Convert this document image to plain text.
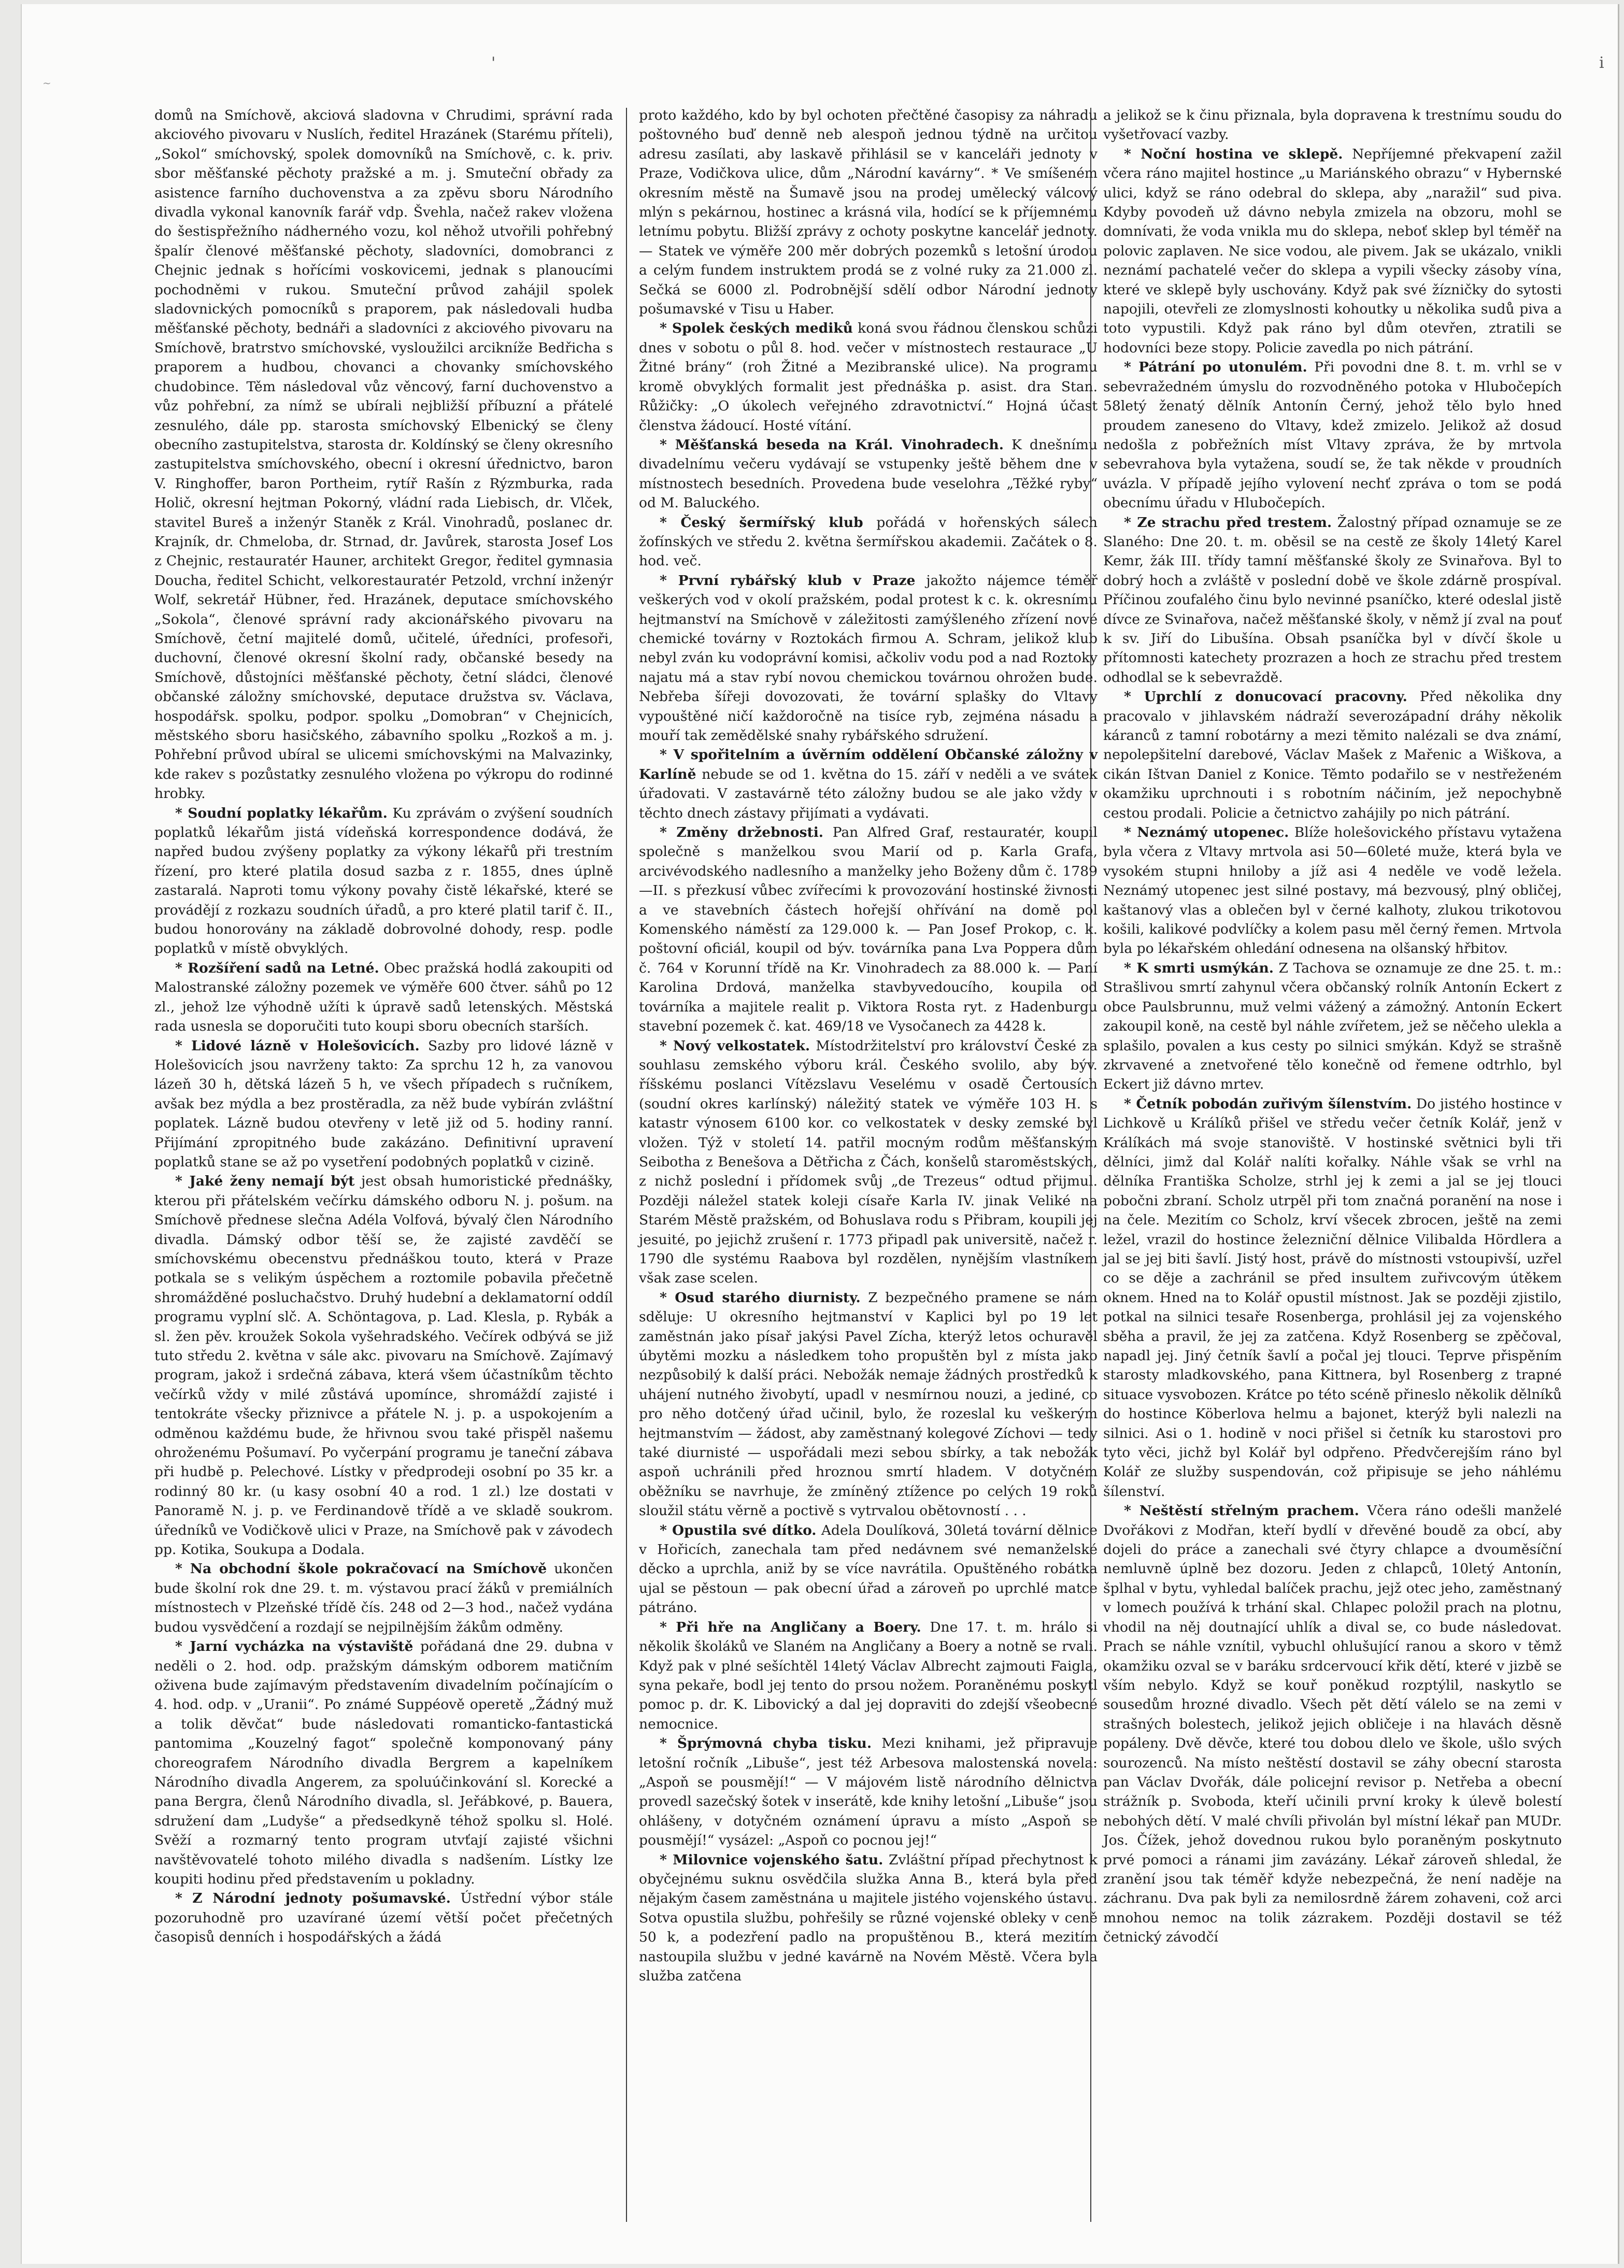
'	i
~

domů na Smíchově, akciová sladovna v Chrudimi, správní rada akciového pivovaru v Nuslích, ředitel Hrazánek (Starému příteli), „Sokol“ smíchovský, spolek domovníků na Smíchově, c. k. priv. sbor měšťanské pěchoty pražské a m. j. Smuteční obřady za asistence farního duchovenstva a za zpěvu sboru Národního divadla vykonal kanovník farář vdp. Švehla, načež rakev vložena do šestispřežního nádherného vozu, kol něhož utvořili pohřebný špalír členové měšťanské pěchoty, sladovníci, domobranci z Chejnic jednak s hořícími voskovicemi, jednak s planoucími pochodněmi v rukou. Smuteční průvod zahájil spolek sladovnických pomocníků s praporem, pak následovali hudba měšťanské pěchoty, bednáři a sladovníci z akciového pivovaru na Smíchově, bratrstvo smíchovské, vysloužilci arcikníže Bedřicha s praporem a hudbou, chovanci a chovanky smíchovského chudobince. Těm následoval vůz věncový, farní duchovenstvo a vůz pohřební, za nímž se ubírali nejbližší příbuzní a přátelé zesnulého, dále pp. starosta smíchovský Elbenický se členy obecního zastupitelstva, starosta dr. Koldínský se členy okresního zastupitelstva smíchovského, obecní i okresní úřednictvo, baron V. Ringhoffer, baron Portheim, rytíř Rašín z Rýzmburka, rada Holič, okresní hejtman Pokorný, vládní rada Liebisch, dr. Vlček, stavitel Bureš a inženýr Staněk z Král. Vinohradů, poslanec dr. Krajník, dr. Chmeloba, dr. Strnad, dr. Javůrek, starosta Josef Los z Chejnic, restauratér Hauner, architekt Gregor, ředitel gymnasia Doucha, ředitel Schicht, velkorestauratér Petzold, vrchní inženýr Wolf, sekretář Hübner, řed. Hrazánek, deputace smíchovského „Sokola“, členové správní rady akcionářského pivovaru na Smíchově, četní majitelé domů, učitelé, úředníci, profesoři, duchovní, členové okresní školní rady, občanské besedy na Smíchově, důstojníci měšťanské pěchoty, četní sládci, členové občanské záložny smíchovské, deputace družstva sv. Václava, hospodářsk. spolku, podpor. spolku „Domobran“ v Chejnicích, městského sboru hasičského, zábavního spolku „Rozkoš a m. j. Pohřební průvod ubíral se ulicemi smíchovskými na Malvazinky, kde rakev s pozůstatky zesnulého vložena po výkropu do rodinné hrobky.

* Soudní poplatky lékařům. Ku zprávám o zvýšení soudních poplatků lékařům jistá vídeňská korrespondence dodává, že napřed budou zvýšeny poplatky za výkony lékařů při trestním řízení, pro které platila dosud sazba z r. 1855, dnes úplně zastaralá. Naproti tomu výkony povahy čistě lékařské, které se provádějí z rozkazu soudních úřadů, a pro které platil tarif č. II., budou honorovány na základě dobrovolné dohody, resp. podle poplatků v místě obvyklých.

* Rozšíření sadů na Letné. Obec pražská hodlá zakoupiti od Malostranské záložny pozemek ve výměře 600 čtver. sáhů po 12 zl., jehož lze výhodně užíti k úpravě sadů letenských. Městská rada usnesla se doporučiti tuto koupi sboru obecních starších.

* Lidové lázně v Holešovicích. Sazby pro lidové lázně v Holešovicích jsou navrženy takto: Za sprchu 12 h, za vanovou lázeň 30 h, dětská lázeň 5 h, ve všech případech s ručníkem, avšak bez mýdla a bez prostěradla, za něž bude vybírán zvláštní poplatek. Lázně budou otevřeny v letě již od 5. hodiny ranní. Přijímání zpropitného bude zakázáno. Definitivní upravení poplatků stane se až po vysetření podobných poplatků v cizině.

* Jaké ženy nemají být jest obsah humoristické přednášky, kterou při přátelském večírku dámského odboru N. j. pošum. na Smíchově přednese slečna Adéla Volfová, bývalý člen Národního divadla. Dámský odbor těší se, že zajisté zavděčí se smíchovskému obecenstvu přednáškou touto, která v Praze potkala se s velikým úspěchem a roztomile pobavila přečetně shromážděné posluchačstvo. Druhý hudební a deklamatorní oddíl programu vyplní slč. A. Schöntagova, p. Lad. Klesla, p. Rybák a sl. žen pěv. kroužek Sokola vyšehradského. Večírek odbývá se již tuto středu 2. května v sále akc. pivovaru na Smíchově. Zajímavý program, jakož i srdečná zábava, která všem účastníkům těchto večírků vždy v milé zůstává upomínce, shromáždí zajisté i tentokráte všecky přiznivce a přátele N. j. p. a uspokojením a odměnou každému bude, že hřivnou svou také přispěl našemu ohroženému Pošumaví. Po vyčerpání programu je taneční zábava při hudbě p. Pelechové. Lístky v předprodeji osobní po 35 kr. a rodinný 80 kr. (u kasy osobní 40 a rod. 1 zl.) lze dostati v Panoramě N. j. p. ve Ferdinandově třídě a ve skladě soukrom. úředníků ve Vodičkově ulici v Praze, na Smíchově pak v závodech pp. Kotika, Soukupa a Dodala.

* Na obchodní škole pokračovací na Smíchově ukončen bude školní rok dne 29. t. m. výstavou prací žáků v premiálních místnostech v Plzeňské třídě čís. 248 od 2—3 hod., načež vydána budou vysvědčení a rozdají se nejpilnějším žákům odměny.

* Jarní vycházka na výstaviště pořádaná dne 29. dubna v neděli o 2. hod. odp. pražským dámským odborem matičním oživena bude zajímavým představením divadelním počínajícím o 4. hod. odp. v „Uranii“. Po známé Suppéově operetě „Žádný muž a tolik děvčat“ bude následovati romanticko-fantastická pantomima „Kouzelný fagot“ společně komponovaný pány choreografem Národního divadla Bergrem a kapelníkem Národního divadla Angerem, za spoluúčinkování sl. Korecké a pana Bergra, členů Národního divadla, sl. Jeřábkové, p. Bauera, sdružení dam „Ludyše“ a předsedkyně téhož spolku sl. Holé. Svěží a rozmarný tento program utvťají zajisté všichni navštěvovatelé tohoto milého divadla s nadšením. Lístky lze koupiti hodinu před představením u pokladny.

* Z Národní jednoty pošumavské. Ústřední výbor stále pozoruhodně pro uzavírané území větší počet přečetných časopisů denních i hospodářských a žádá

proto každého, kdo by byl ochoten přečtěné časopisy za náhradu poštovného buď denně neb alespoň jednou týdně na určitou adresu zasílati, aby laskavě přihlásil se v kanceláři jednoty v Praze, Vodičkova ulice, dům „Národní kavárny“. * Ve smíšeném okresním městě na Šumavě jsou na prodej umělecký válcový mlýn s pekárnou, hostinec a krásná vila, hodící se k příjemnému letnímu pobytu. Bližší zprávy z ochoty poskytne kancelář jednoty. — Statek ve výměře 200 měr dobrých pozemků s letošní úrodou a celým fundem instruktem prodá se z volné ruky za 21.000 zl. Sečká se 6000 zl. Podrobnější sdělí odbor Národní jednoty pošumavské v Tisu u Haber.

* Spolek českých mediků koná svou řádnou členskou schůzi dnes v sobotu o půl 8. hod. večer v místnostech restaurace „U Žitné brány“ (roh Žitné a Mezibranské ulice). Na programu kromě obvyklých formalit jest přednáška p. asist. dra Stan. Růžičky: „O úkolech veřejného zdravotnictví.“ Hojná účast členstva žádoucí. Hosté vítání.

* Měšťanská beseda na Král. Vinohradech. K dnešnímu divadelnímu večeru vydávají se vstupenky ještě během dne v místnostech besedních. Provedena bude veselohra „Těžké ryby“ od M. Baluckého.

* Český šermířský klub pořádá v hořenských sálech žofínských ve středu 2. května šermířskou akademii. Začátek o 8. hod. več.

* První rybářský klub v Praze jakožto nájemce téměř veškerých vod v okolí pražském, podal protest k c. k. okresnímu hejtmanství na Smíchově v záležitosti zamýšleného zřízení nové chemické továrny v Roztokách firmou A. Schram, jelikož klub nebyl zván ku vodoprávní komisi, ačkoliv vodu pod a nad Roztoky najatu má a stav rybí novou chemickou továrnou ohrožen bude. Nebřeba šířeji dovozovati, že tovární splašky do Vltavy vypouštěné ničí každoročně na tisíce ryb, zejména násadu a mouří tak zemědělské snahy rybářského sdružení.

* V spořitelním a úvěrním oddělení Občanské záložny v Karlíně nebude se od 1. května do 15. září v neděli a ve svátek úřadovati. V zastavárně této záložny budou se ale jako vždy v těchto dnech zástavy přijímati a vydávati.

* Změny držebnosti. Pan Alfred Graf, restauratér, koupil společně s manželkou svou Marií od p. Karla Grafa, arcivévodského nadlesního a manželky jeho Boženy dům č. 1789—II. s přezkusí vůbec zvířecími k provozování hostinské živnosti a ve stavebních částech hořejší ohřívání na domě pol Komenského náměstí za 129.000 k. — Pan Josef Prokop, c. k. poštovní oficiál, koupil od býv. továrníka pana Lva Poppera dům č. 764 v Korunní třídě na Kr. Vinohradech za 88.000 k. — Paní Karolina Drdová, manželka stavbyvedoucího, koupila od továrníka a majitele realit p. Viktora Rosta ryt. z Hadenburgu stavební pozemek č. kat. 469/18 ve Vysočanech za 4428 k.

* Nový velkostatek. Místodržitelství pro království České za souhlasu zemského výboru král. Českého svolilo, aby býv. říšskému poslanci Vítězslavu Veselému v osadě Čertousích (soudní okres karlínský) náležitý statek ve výměře 103 H. s katastr výnosem 6100 kor. co velkostatek v desky zemské byl vložen. Týž v století 14. patřil mocným rodům měšťanským Seibotha z Benešova a Dětřicha z Čách, konšelů staroměstských, z nichž poslední i přídomek svůj „de Trezeus“ odtud přijmul. Později náležel statek koleji císaře Karla IV. jinak Veliké na Starém Městě pražském, od Bohuslava rodu s Přibram, koupili jej jesuité, po jejichž zrušení r. 1773 připadl pak universitě, načež r. 1790 dle systému Raabova byl rozdělen, nynějším vlastníkem však zase scelen.

* Osud starého diurnisty. Z bezpečného pramene se nám sděluje: U okresního hejtmanství v Kaplici byl po 19 let zaměstnán jako písař jakýsi Pavel Zícha, kterýž letos ochuravěl úbytěmi mozku a následkem toho propuštěn byl z místa jako nezpůsobilý k další práci. Nebožák nemaje žádných prostředků k uhájení nutného živobytí, upadl v nesmírnou nouzi, a jediné, co pro něho dotčený úřad učinil, bylo, že rozeslal ku veškerým hejtmanstvím — žádost, aby zaměstnaný kolegové Zíchovi — tedy také diurnisté — uspořádali mezi sebou sbírky, a tak nebožák aspoň uchránili před hroznou smrtí hladem. V dotyčném oběžníku se navrhuje, že zmíněný ztížence po celých 19 roků sloužil státu věrně a poctivě s vytrvalou obětovností . . .

* Opustila své dítko. Adela Doulíková, 30letá tovární dělnice v Hořicích, zanechala tam před nedávnem své nemanželské děcko a uprchla, aniž by se více navrátila. Opuštěného robátka ujal se pěstoun — pak obecní úřad a zároveň po uprchlé matce pátráno.

* Při hře na Angličany a Boery. Dne 17. t. m. hrálo si několik školáků ve Slaném na Angličany a Boery a notně se rvali. Když pak v plné sešíchtěl 14letý Václav Albrecht zajmouti Faigla, syna pekaře, bodl jej tento do prsou nožem. Poraněnému poskytl pomoc p. dr. K. Libovický a dal jej dopraviti do zdejší všeobecné nemocnice.

* Šprýmovná chyba tisku. Mezi knihami, jež připravuje letošní ročník „Libuše“, jest též Arbesova malostenská novela: „Aspoň se pousmějí!“ — V májovém listě národního dělnictva provedl sazečský šotek v inserátě, kde knihy letošní „Libuše“ jsou ohlášeny, v dotyčném oznámení úpravu a místo „Aspoň se pousmějí!“ vysázel: „Aspoň co pocnou jej!“

* Milovnice vojenského šatu. Zvláštní případ přechytnost k obyčejnému suknu osvědčila služka Anna B., která byla před nějakým časem zaměstnána u majitele jistého vojenského ústavu. Sotva opustila službu, pohřešily se různé vojenské obleky v ceně 50 k, a podezření padlo na propuštěnou B., která mezitím nastoupila službu v jedné kavárně na Novém Městě. Včera byla služba zatčena

a jelikož se k činu přiznala, byla dopravena k trestnímu soudu do vyšetřovací vazby.

* Noční hostina ve sklepě. Nepříjemné překvapení zažil včera ráno majitel hostince „u Mariánského obrazu“ v Hybernské ulici, když se ráno odebral do sklepa, aby „naražil“ sud piva. Kdyby povodeň už dávno nebyla zmizela na obzoru, mohl se domnívati, že voda vnikla mu do sklepa, neboť sklep byl téměř na polovic zaplaven. Ne sice vodou, ale pivem. Jak se ukázalo, vnikli neznámí pachatelé večer do sklepa a vypili všecky zásoby vína, které ve sklepě byly uschovány. Když pak své žízničky do sytosti napojili, otevřeli ze zlomyslnosti kohoutky u několika sudů piva a toto vypustili. Když pak ráno byl dům otevřen, ztratili se hodovníci beze stopy. Policie zavedla po nich pátrání.

* Pátrání po utonulém. Při povodni dne 8. t. m. vrhl se v sebevražedném úmyslu do rozvodněného potoka v Hlubočepích 58letý ženatý dělník Antonín Černý, jehož tělo bylo hned proudem zaneseno do Vltavy, kdež zmizelo. Jelikož až dosud nedošla z pobřežních míst Vltavy zpráva, že by mrtvola sebevrahova byla vytažena, soudí se, že tak někde v proudních uvázla. V případě jejího vylovení nechť zpráva o tom se podá obecnímu úřadu v Hlubočepích.

* Ze strachu před trestem. Žalostný případ oznamuje se ze Slaného: Dne 20. t. m. oběsil se na cestě ze školy 14letý Karel Kemr, žák III. třídy tamní měšťanské školy ze Svinařova. Byl to dobrý hoch a zvláště v poslední době ve škole zdárně prospíval. Příčinou zoufalého činu bylo nevinné psaníčko, které odeslal jistě dívce ze Svinařova, načež měšťanské školy, v němž jí zval na pouť k sv. Jiří do Libušína. Obsah psaníčka byl v dívčí škole u přítomnosti katechety prozrazen a hoch ze strachu před trestem odhodlal se k sebevraždě.

* Uprchlí z donucovací pracovny. Před několika dny pracovalo v jihlavském nádraží severozápadní dráhy několik káranců z tamní robotárny a mezi těmito nalézali se dva známí, nepolepšitelní darebové, Václav Mašek z Mařenic a Wiškova, a cikán Ištvan Daniel z Konice. Těmto podařilo se v nestřeženém okamžiku uprchnouti i s robotním náčiním, jež nepochybně cestou prodali. Policie a četnictvo zahájily po nich pátrání.

* Neznámý utopenec. Blíže holešovického přístavu vytažena byla včera z Vltavy mrtvola asi 50—60leté muže, která byla ve vysokém stupni hniloby a jíž asi 4 neděle ve vodě ležela. Neznámý utopenec jest silné postavy, má bezvousý, plný obličej, kaštanový vlas a oblečen byl v černé kalhoty, zlukou trikotovou košili, kalikové podvlíčky a kolem pasu měl černý řemen. Mrtvola byla po lékařském ohledání odnesena na olšanský hřbitov.

* K smrti usmýkán. Z Tachova se oznamuje ze dne 25. t. m.: Strašlivou smrtí zahynul včera občanský rolník Antonín Eckert z obce Paulsbrunnu, muž velmi vážený a zámožný. Antonín Eckert zakoupil koně, na cestě byl náhle zvířetem, jež se něčeho ulekla a splašilo, povalen a kus cesty po silnici smýkán. Když se strašně zkrvavené a znetvořené tělo konečně od řemene odtrhlo, byl Eckert již dávno mrtev.

* Četník pobodán zuřivým šílenstvím. Do jistého hostince v Lichkově u Králíků přišel ve středu večer četník Kolář, jenž v Králíkách má svoje stanoviště. V hostinské světnici byli tři dělníci, jimž dal Kolář nalíti kořalky. Náhle však se vrhl na dělníka Františka Scholze, strhl jej k zemi a jal se jej tlouci pobočni zbraní. Scholz utrpěl při tom značná poranění na nose i na čele. Mezitím co Scholz, krví všecek zbrocen, ještě na zemi ležel, vrazil do hostince železniční dělnice Vilibalda Hördlera a jal se jej biti šavlí. Jistý host, právě do místnosti vstoupivší, uzřel co se děje a zachránil se před insultem zuřivcovým útěkem oknem. Hned na to Kolář opustil místnost. Jak se později zjistilo, potkal na silnici tesaře Rosenberga, prohlásil jej za vojenského sběha a pravil, že jej za zatčena. Když Rosenberg se zpěčoval, napadl jej. Jiný četník šavlí a počal jej tlouci. Teprve přispěním starosty mladkovského, pana Kittnera, byl Rosenberg z trapné situace vysvobozen. Krátce po této scéně přineslo několik dělníků do hostince Köberlova helmu a bajonet, kterýž byli nalezli na silnici. Asi o 1. hodině v noci přišel si četník ku starostovi pro tyto věci, jichž byl Kolář byl odpřeno. Předvčerejším ráno byl Kolář ze služby suspendován, což připisuje se jeho náhlému šílenství.

* Neštěstí střelným prachem. Včera ráno odešli manželé Dvořákovi z Modřan, kteří bydlí v dřevěné boudě za obcí, aby dojeli do práce a zanechali své čtyry chlapce a dvouměsíční nemluvně úplně bez dozoru. Jeden z chlapců, 10letý Antonín, šplhal v bytu, vyhledal balíček prachu, jejž otec jeho, zaměstnaný v lomech používá k trhání skal. Chlapec položil prach na plotnu, vhodil na něj doutnající uhlík a dival se, co bude následovat. Prach se náhle vznítil, vybuchl ohlušující ranou a skoro v těmž okamžiku ozval se v baráku srdcervoucí křik dětí, které v jizbě se vším nebylo. Když se kouř poněkud rozptýlil, naskytlo se sousedům hrozné divadlo. Všech pět dětí válelo se na zemi v strašných bolestech, jelikož jejich obličeje i na hlavách děsně popáleny. Dvě děvče, které tou dobou dlelo ve škole, ušlo svých sourozenců. Na místo neštěstí dostavil se záhy obecní starosta pan Václav Dvořák, dále policejní revisor p. Netřeba a obecní strážník p. Svoboda, kteří učinili první kroky k úlevě bolestí nebohých dětí. V malé chvíli přivolán byl místní lékař pan MUDr. Jos. Čížek, jehož dovednou rukou bylo poraněným poskytnuto prvé pomoci a ránami jim zavázány. Lékař zároveň shledal, že zranění jsou tak téměř kdyže nebezpečná, že není naděje na záchranu. Dva pak byli za nemilosrdně žárem zohaveni, což arci mnohou nemoc na tolik zázrakem. Později dostavil se též četnický závodčí
